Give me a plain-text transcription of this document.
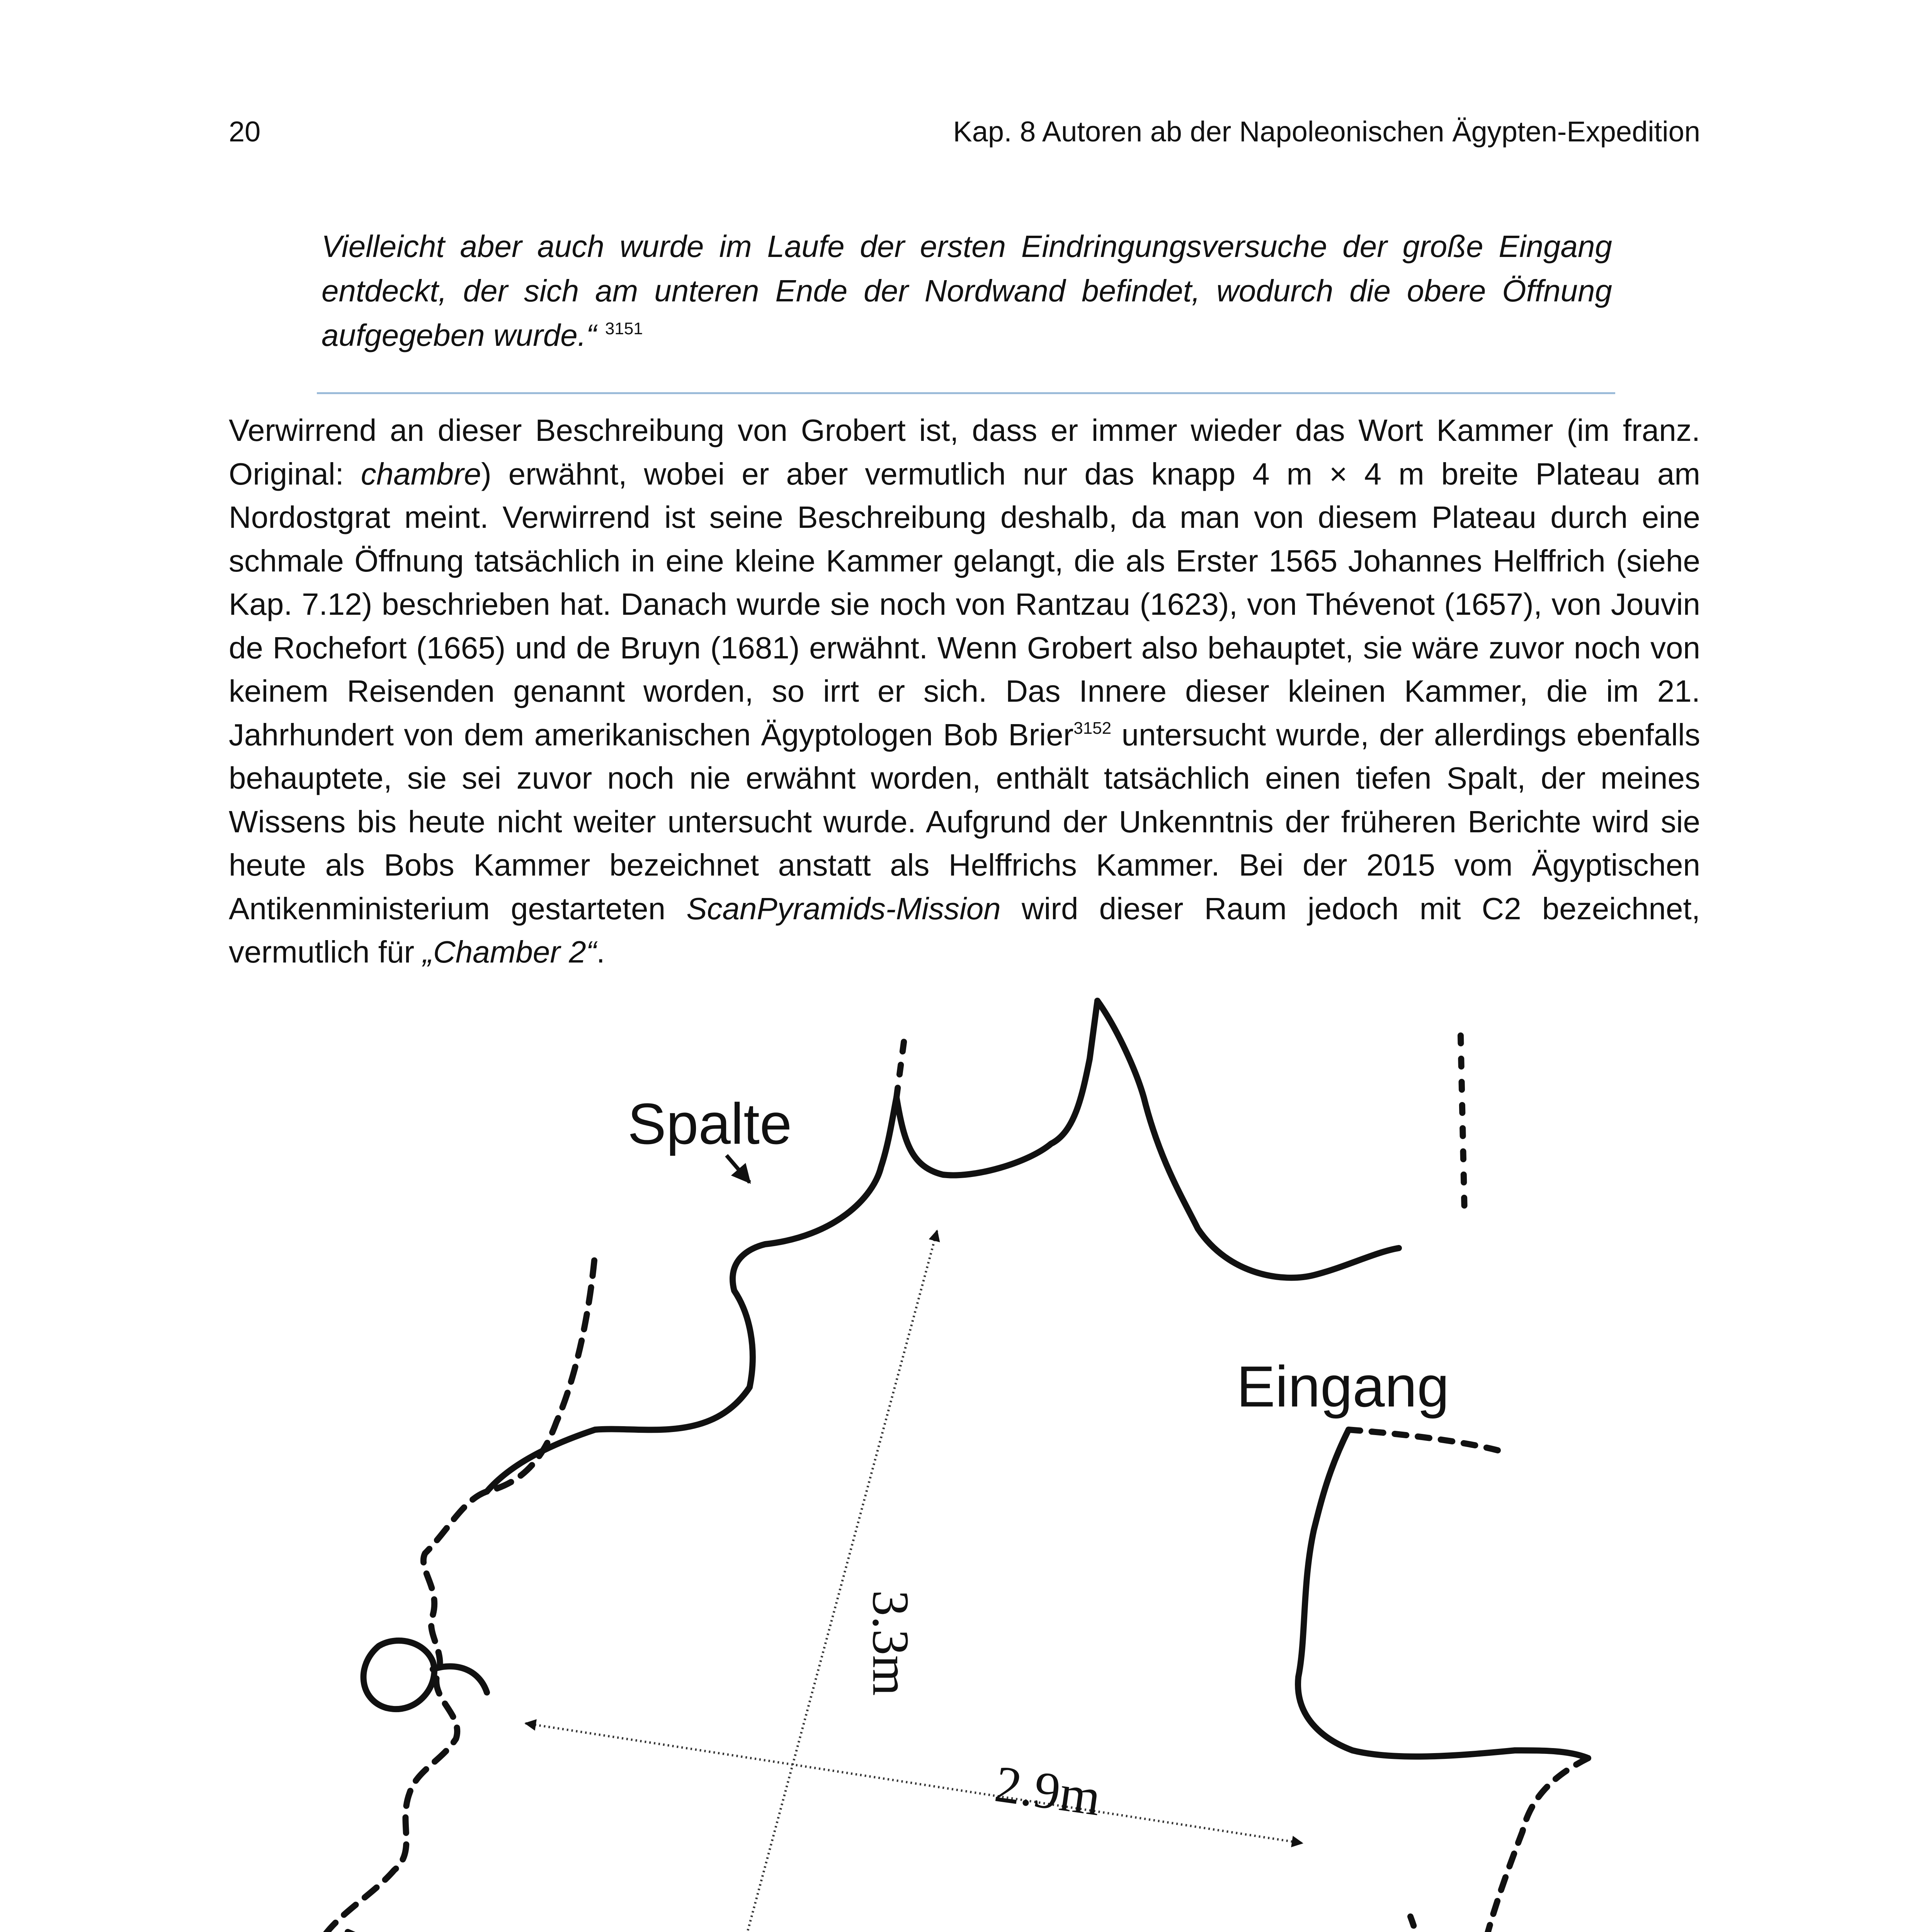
20	Kap. 8 Autoren ab der Napoleonischen Ägypten-Expedition
Vielleicht aber auch wurde im Laufe der ersten Eindringungsversuche der große Eingang entdeckt, der sich am unteren Ende der Nordwand befindet, wodurch die obere Öffnung aufgegeben wurde.“ $^{3151}$
Verwirrend an dieser Beschreibung von Grobert ist, dass er immer wieder das Wort Kammer (im franz. Original: chambre) erwähnt, wobei er aber vermutlich nur das knapp 4 m × 4 m breite Plateau am Nordostgrat meint. Verwirrend ist seine Beschreibung deshalb, da man von diesem Plateau durch eine schmale Öffnung tatsächlich in eine kleine Kammer gelangt, die als Erster 1565 Johannes Helffrich (siehe Kap. 7.12) beschrieben hat. Danach wurde sie noch von Rantzau (1623), von Thévenot (1657), von Jouvin de Rochefort (1665) und de Bruyn (1681) erwähnt. Wenn Grobert also behauptet, sie wäre zuvor noch von keinem Reisenden genannt worden, so irrt er sich. Das Innere dieser kleinen Kammer, die im 21. Jahrhundert von dem amerikanischen Ägyptologen Bob Brier$^{3152}$ untersucht wurde, der allerdings ebenfalls behauptete, sie sei zuvor noch nie erwähnt worden, enthält tatsächlich einen tiefen Spalt, der meines Wissens bis heute nicht weiter untersucht wurde. Aufgrund der Unkenntnis der früheren Berichte wird sie heute als Bobs Kammer bezeichnet anstatt als Helffrichs Kammer. Bei der 2015 vom Ägyptischen Antikenministerium gestarteten ScanPyramids-Mission wird dieser Raum jedoch mit C2 bezeichnet, vermutlich für „Chamber 2“.
Spalte
Eingang
3.3m
2.9m
